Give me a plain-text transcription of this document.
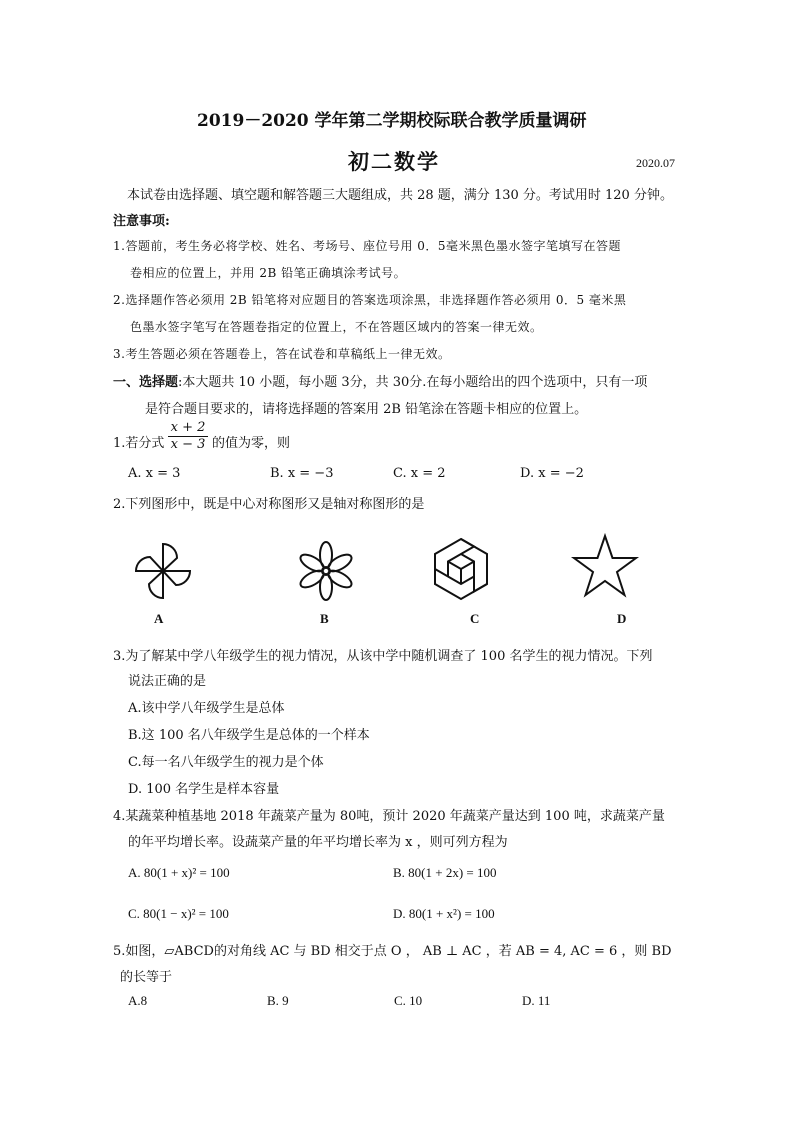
2019－2020 学年第二学期校际联合教学质量调研
初二数学	2020.07
本试卷由选择题、填空题和解答题三大题组成，共 28 题，满分 130 分。考试用时 120 分钟。
注意事项:
1.答题前，考生务必将学校、姓名、考场号、座位号用 0．5毫米黑色墨水签字笔填写在答题
卷相应的位置上，并用 2B 铅笔正确填涂考试号。
2.选择题作答必须用 2B 铅笔将对应题目的答案选项涂黑，非选择题作答必须用 0．5 毫米黑
色墨水签字笔写在答题卷指定的位置上，不在答题区域内的答案一律无效。
3.考生答题必须在答题卷上，答在试卷和草稿纸上一律无效。
一、选择题:本大题共 10 小题，每小题 3分，共 30分.在每小题给出的四个选项中，只有一项
是符合题目要求的，请将选择题的答案用 2B 铅笔涂在答题卡相应的位置上。
1.若分式
x + 2
x − 3 的值为零，则
A. x = 3	B. x = −3	C. x = 2	D. x = −2
2.下列图形中，既是中心对称图形又是轴对称图形的是
A	B	C	D
3.为了解某中学八年级学生的视力情况，从该中学中随机调查了 100 名学生的视力情况。下列
说法正确的是
A.该中学八年级学生是总体
B.这 100 名八年级学生是总体的一个样本
C.每一名八年级学生的视力是个体
D. 100 名学生是样本容量
4.某蔬菜种植基地 2018 年蔬菜产量为 80吨，预计 2020 年蔬菜产量达到 100 吨，求蔬菜产量
的年平均增长率。设蔬菜产量的年平均增长率为 x ，则可列方程为
A. 80(1 + x)² = 100	B. 80(1 + 2x) = 100
C. 80(1 − x)² = 100	D. 80(1 + x²) = 100
5.如图，▱ABCD的对角线 AC 与 BD 相交于点 O ， AB ⊥ AC ，若 AB = 4, AC = 6 ，则 BD
的长等于
A.8	B. 9	C. 10	D. 11
